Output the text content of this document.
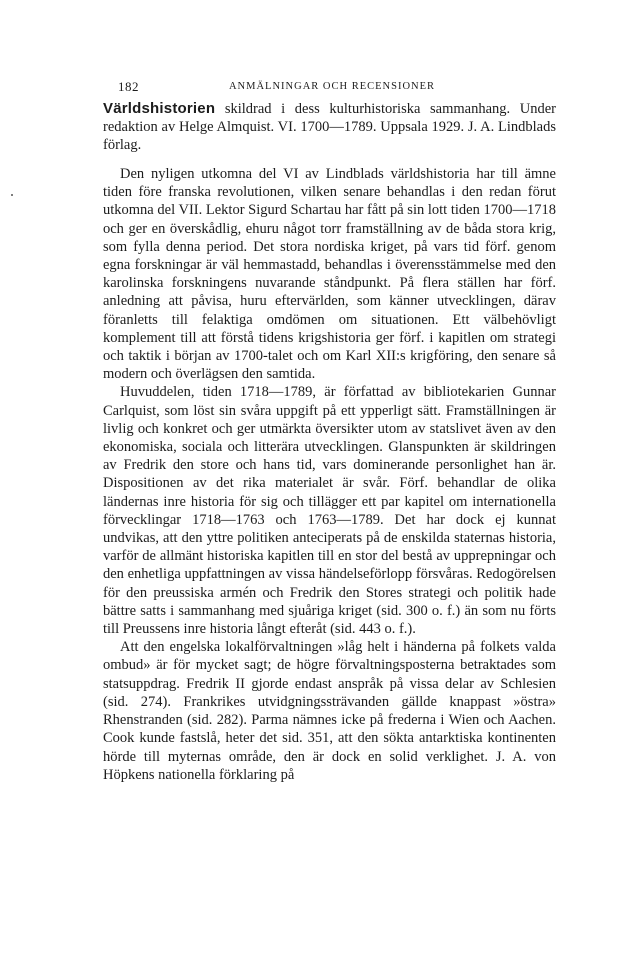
182	ANMÄLNINGAR OCH RECENSIONER
Världshistorien skildrad i dess kulturhistoriska sammanhang. Under redaktion av Helge Almquist. VI. 1700—1789. Uppsala 1929. J. A. Lindblads förlag.

Den nyligen utkomna del VI av Lindblads världshistoria har till ämne tiden före franska revolutionen, vilken senare behandlas i den redan förut utkomna del VII. Lektor Sigurd Schartau har fått på sin lott tiden 1700—1718 och ger en överskådlig, ehuru något torr framställning av de båda stora krig, som fylla denna period. Det stora nordiska kriget, på vars tid förf. genom egna forskningar är väl hemmastadd, behandlas i överensstämmelse med den karolinska forskningens nuvarande ståndpunkt. På flera ställen har förf. anledning att påvisa, huru eftervärlden, som känner utvecklingen, därav föranletts till felaktiga omdömen om situationen. Ett välbehövligt komplement till att förstå tidens krigshistoria ger förf. i kapitlen om strategi och taktik i början av 1700-talet och om Karl XII:s krigföring, den senare så modern och överlägsen den samtida.

Huvuddelen, tiden 1718—1789, är författad av bibliotekarien Gunnar Carlquist, som löst sin svåra uppgift på ett ypperligt sätt. Framställningen är livlig och konkret och ger utmärkta översikter utom av statslivet även av den ekonomiska, sociala och litterära utvecklingen. Glanspunkten är skildringen av Fredrik den store och hans tid, vars dominerande personlighet han är. Dispositionen av det rika materialet är svår. Förf. behandlar de olika ländernas inre historia för sig och tillägger ett par kapitel om internationella förvecklingar 1718—1763 och 1763—1789. Det har dock ej kunnat undvikas, att den yttre politiken anteciperats på de enskilda staternas historia, varför de allmänt historiska kapitlen till en stor del bestå av upprepningar och den enhetliga uppfattningen av vissa händelseförlopp försvåras. Redogörelsen för den preussiska armén och Fredrik den Stores strategi och politik hade bättre satts i sammanhang med sjuåriga kriget (sid. 300 o. f.) än som nu förts till Preussens inre historia långt efteråt (sid. 443 o. f.).

Att den engelska lokalförvaltningen »låg helt i händerna på folkets valda ombud» är för mycket sagt; de högre förvaltningsposterna betraktades som statsuppdrag. Fredrik II gjorde endast anspråk på vissa delar av Schlesien (sid. 274). Frankrikes utvidgningssträvanden gällde knappast »östra» Rhenstranden (sid. 282). Parma nämnes icke på frederna i Wien och Aachen. Cook kunde fastslå, heter det sid. 351, att den sökta antarktiska kontinenten hörde till myternas område, den är dock en solid verklighet. J. A. von Höpkens nationella förklaring på
